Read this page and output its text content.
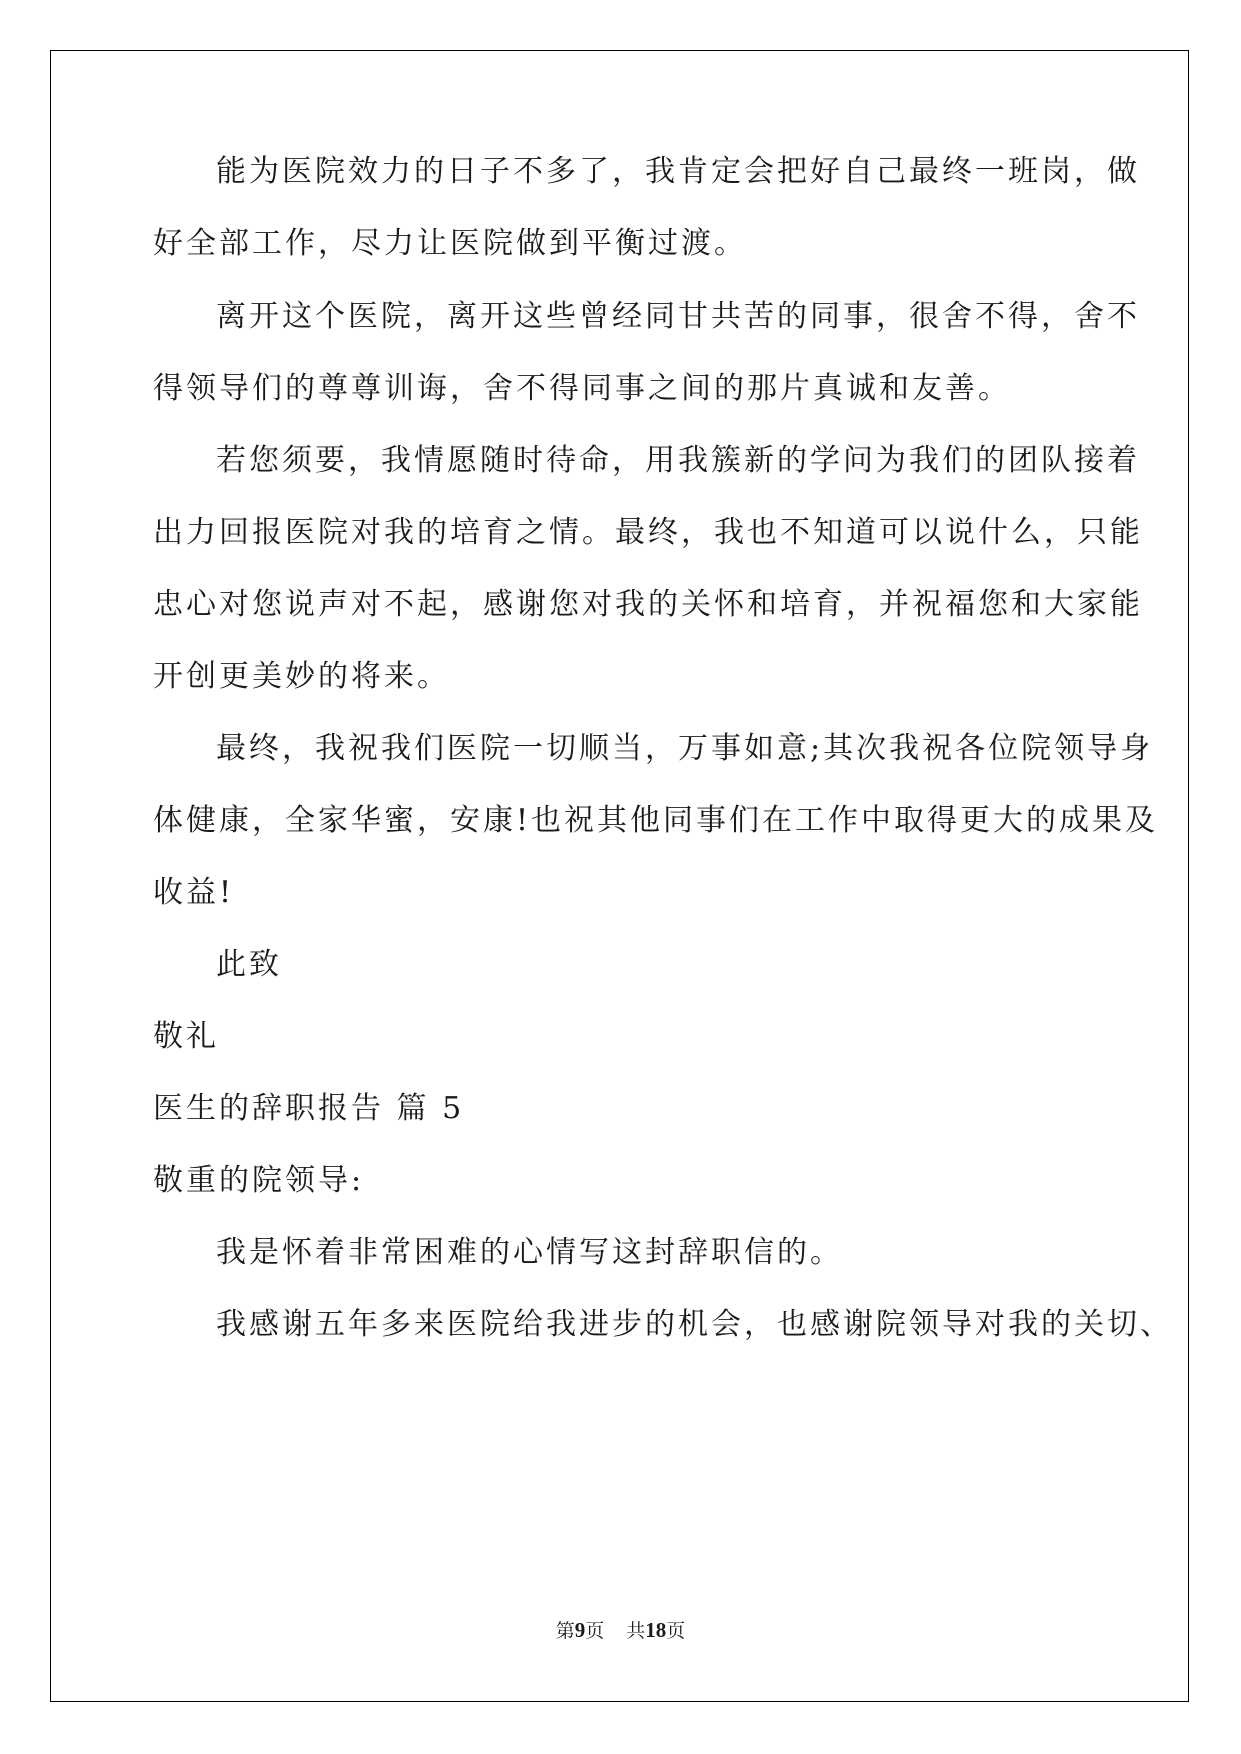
能为医院效力的日子不多了，我肯定会把好自己最终一班岗，做

好全部工作，尽力让医院做到平衡过渡。

离开这个医院，离开这些曾经同甘共苦的同事，很舍不得，舍不

得领导们的尊尊训诲，舍不得同事之间的那片真诚和友善。

若您须要，我情愿随时待命，用我簇新的学问为我们的团队接着

出力回报医院对我的培育之情。最终，我也不知道可以说什么，只能

忠心对您说声对不起，感谢您对我的关怀和培育，并祝福您和大家能

开创更美妙的将来。

最终，我祝我们医院一切顺当，万事如意;其次我祝各位院领导身

体健康，全家华蜜，安康!也祝其他同事们在工作中取得更大的成果及

收益!

此致

敬礼

医生的辞职报告 篇 5

敬重的院领导:

我是怀着非常困难的心情写这封辞职信的。

我感谢五年多来医院给我进步的机会，也感谢院领导对我的关切、

第9页 共18页
